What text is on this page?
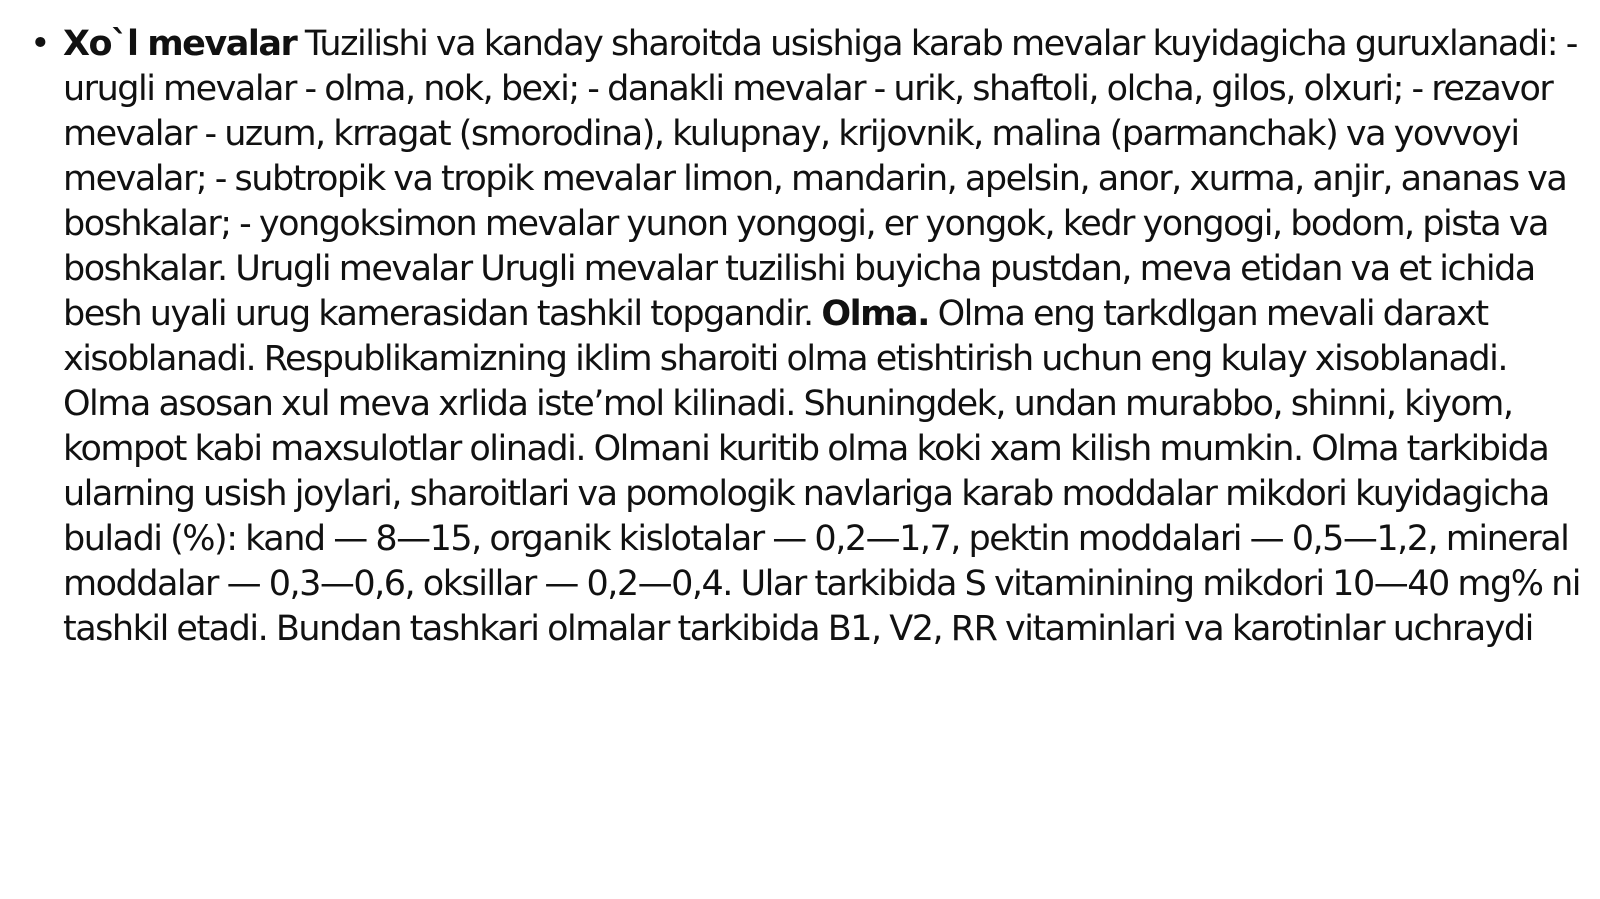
• Xo`l mevalar Tuzilishi va kanday sharoitda usishiga karab mevalar kuyidagicha guruxlanadi: - urugli mevalar - olma, nok, bexi; - danakli mevalar - urik, shaftoli, olcha, gilos, olxuri; - rezavor mevalar - uzum, krragat (smorodina), kulupnay, krijovnik, malina (parmanchak) va yovvoyi mevalar; - subtropik va tropik mevalar limon, mandarin, apelsin, anor, xurma, anjir, ananas va boshkalar; - yongoksimon mevalar yunon yongogi, er yongok, kedr yongogi, bodom, pista va boshkalar. Urugli mevalar Urugli mevalar tuzilishi buyicha pustdan, meva etidan va et ichida besh uyali urug kamerasidan tashkil topgandir. Olma. Olma eng tarkdlgan mevali daraxt xisoblanadi. Respublikamizning iklim sharoiti olma etishtirish uchun eng kulay xisoblanadi. Olma asosan xul meva xrlida iste’mol kilinadi. Shuningdek, undan murabbo, shinni, kiyom, kompot kabi maxsulotlar olinadi. Olmani kuritib olma koki xam kilish mumkin. Olma tarkibida ularning usish joylari, sharoitlari va pomologik navlariga karab moddalar mikdori kuyidagicha buladi (%): kand — 8—15, organik kislotalar — 0,2—1,7, pektin moddalari — 0,5—1,2, mineral moddalar — 0,3—0,6, oksillar — 0,2—0,4. Ular tarkibida S vitaminining mikdori 10—40 mg% ni tashkil etadi. Bundan tashkari olmalar tarkibida B1, V2, RR vitaminlari va karotinlar uchraydi
